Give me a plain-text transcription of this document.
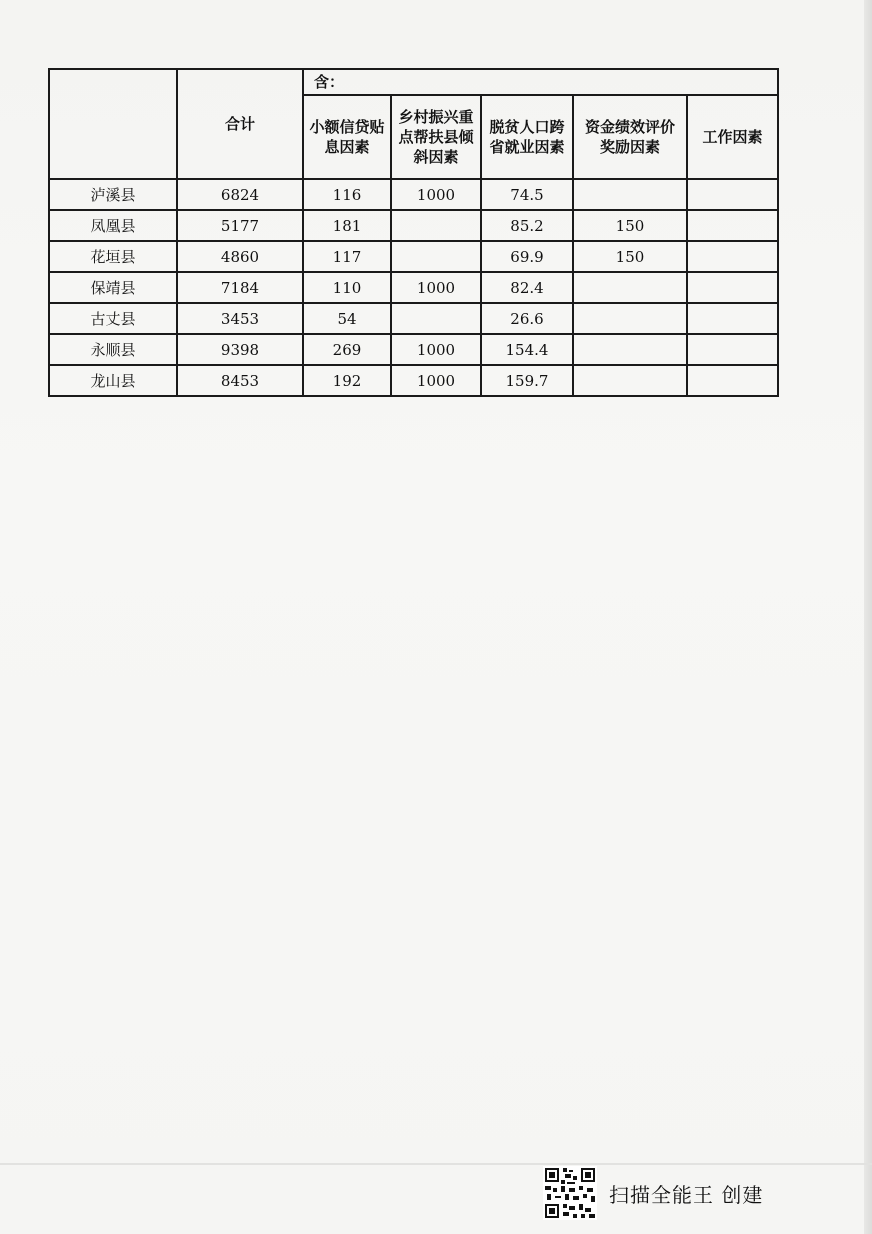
	合计	含：				
		小额信贷贴息因素	乡村振兴重点帮扶县倾斜因素	脱贫人口跨省就业因素	资金绩效评价奖励因素	工作因素
泸溪县	6824	116	1000	74.5		
凤凰县	5177	181		85.2	150	
花垣县	4860	117		69.9	150	
保靖县	7184	110	1000	82.4		
古丈县	3453	54		26.6		
永顺县	9398	269	1000	154.4		
龙山县	8453	192	1000	159.7		
扫描全能王 创建
